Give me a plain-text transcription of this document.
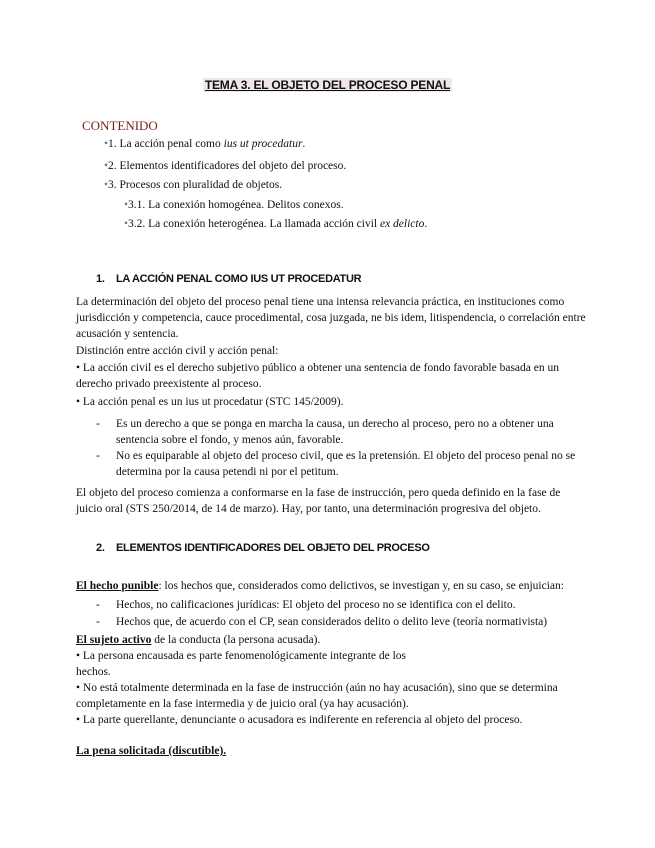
TEMA 3. EL OBJETO DEL PROCESO PENAL
CONTENIDO
•1. La acción penal como ius ut procedatur.
•2. Elementos identificadores del objeto del proceso.
•3. Procesos con pluralidad de objetos.
•3.1. La conexión homogénea. Delitos conexos.
•3.2. La conexión heterogénea. La llamada acción civil ex delicto.
1. LA ACCIÓN PENAL COMO IUS UT PROCEDATUR
La determinación del objeto del proceso penal tiene una intensa relevancia práctica, en instituciones como jurisdicción y competencia, cauce procedimental, cosa juzgada, ne bis idem, litispendencia, o correlación entre acusación y sentencia.
Distinción entre acción civil y acción penal:
• La acción civil es el derecho subjetivo público a obtener una sentencia de fondo favorable basada en un derecho privado preexistente al proceso.
• La acción penal es un ius ut procedatur (STC 145/2009).
- Es un derecho a que se ponga en marcha la causa, un derecho al proceso, pero no a obtener una sentencia sobre el fondo, y menos aún, favorable.
- No es equiparable al objeto del proceso civil, que es la pretensión. El objeto del proceso penal no se determina por la causa petendi ni por el petitum.
El objeto del proceso comienza a conformarse en la fase de instrucción, pero queda definido en la fase de juicio oral (STS 250/2014, de 14 de marzo). Hay, por tanto, una determinación progresiva del objeto.
2. ELEMENTOS IDENTIFICADORES DEL OBJETO DEL PROCESO
El hecho punible: los hechos que, considerados como delictivos, se investigan y, en su caso, se enjuician:
- Hechos, no calificaciones jurídicas: El objeto del proceso no se identifica con el delito.
- Hechos que, de acuerdo con el CP, sean considerados delito o delito leve (teoría normativista)
El sujeto activo de la conducta (la persona acusada).
• La persona encausada es parte fenomenológicamente integrante de los
hechos.
• No está totalmente determinada en la fase de instrucción (aún no hay acusación), sino que se determina completamente en la fase intermedia y de juicio oral (ya hay acusación).
• La parte querellante, denunciante o acusadora es indiferente en referencia al objeto del proceso.
La pena solicitada (discutible).
